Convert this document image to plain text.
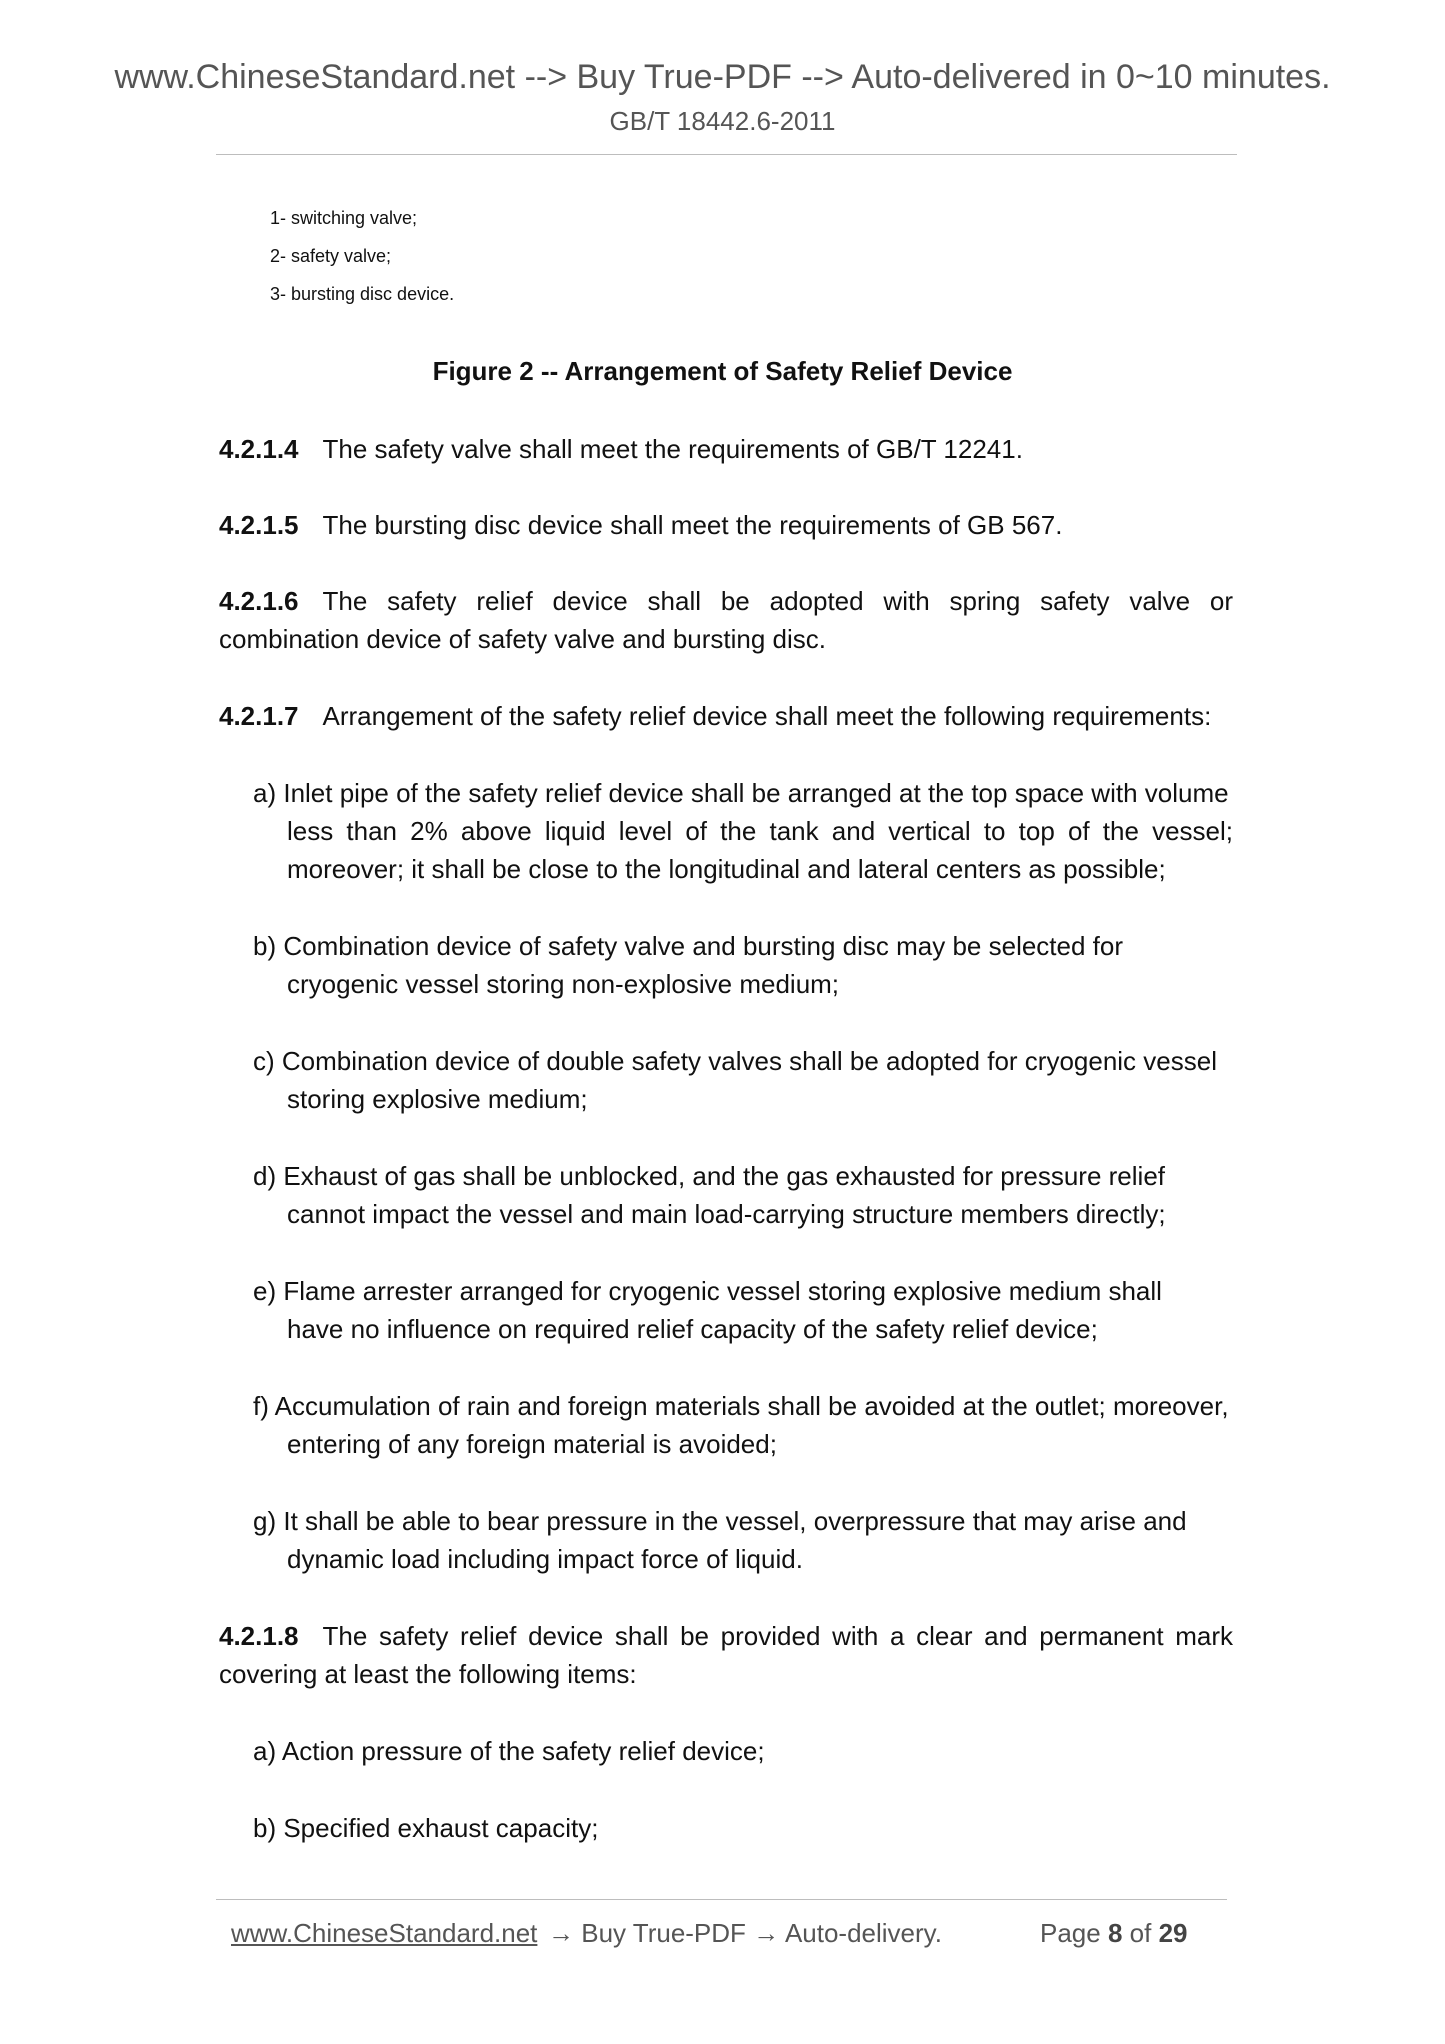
www.ChineseStandard.net --> Buy True-PDF --> Auto-delivered in 0~10 minutes.
GB/T 18442.6-2011
1- switching valve;
2- safety valve;
3- bursting disc device.
Figure 2 -- Arrangement of Safety Relief Device
4.2.1.4 The safety valve shall meet the requirements of GB/T 12241.
4.2.1.5 The bursting disc device shall meet the requirements of GB 567.
4.2.1.6 The safety relief device shall be adopted with spring safety valve or combination device of safety valve and bursting disc.
4.2.1.7 Arrangement of the safety relief device shall meet the following requirements:
a) Inlet pipe of the safety relief device shall be arranged at the top space with volume
less than 2% above liquid level of the tank and vertical to top of the vessel; moreover; it shall be close to the longitudinal and lateral centers as possible;
b) Combination device of safety valve and bursting disc may be selected for
cryogenic vessel storing non-explosive medium;
c) Combination device of double safety valves shall be adopted for cryogenic vessel
storing explosive medium;
d) Exhaust of gas shall be unblocked, and the gas exhausted for pressure relief
cannot impact the vessel and main load-carrying structure members directly;
e) Flame arrester arranged for cryogenic vessel storing explosive medium shall
have no influence on required relief capacity of the safety relief device;
f) Accumulation of rain and foreign materials shall be avoided at the outlet; moreover,
entering of any foreign material is avoided;
g) It shall be able to bear pressure in the vessel, overpressure that may arise and
dynamic load including impact force of liquid.
4.2.1.8 The safety relief device shall be provided with a clear and permanent mark covering at least the following items:
a) Action pressure of the safety relief device;
b) Specified exhaust capacity;
www.ChineseStandard.net → Buy True-PDF → Auto-delivery.	Page 8 of 29
